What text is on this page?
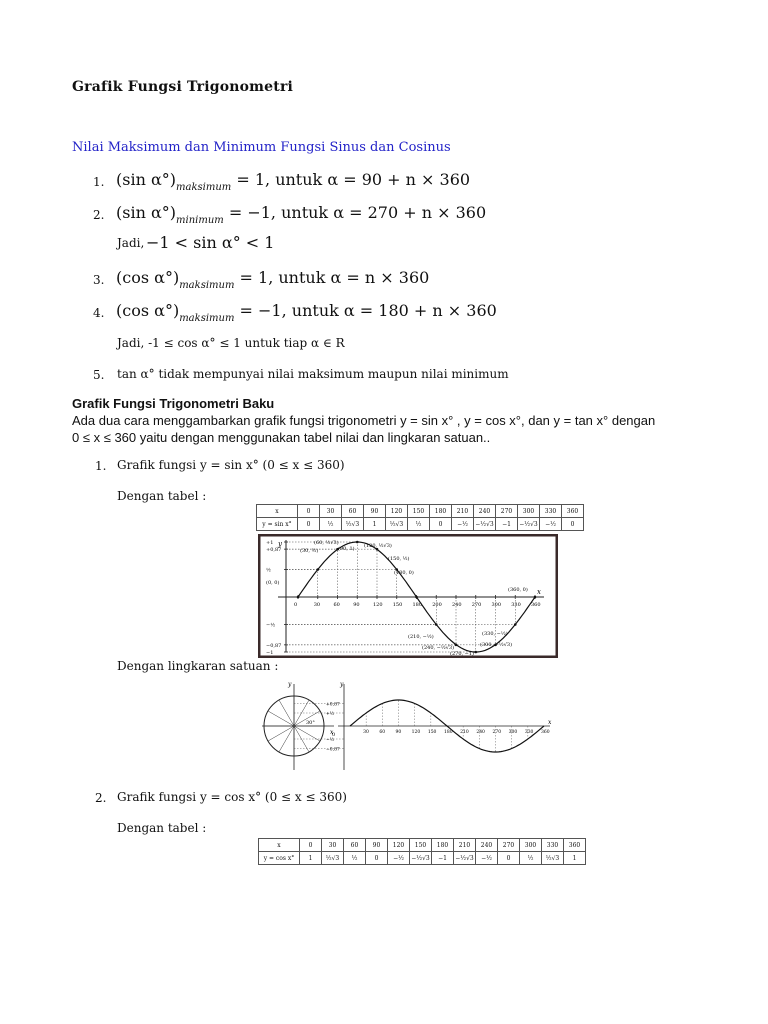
Grafik Fungsi Trigonometri
Nilai Maksimum dan Minimum Fungsi Sinus dan Cosinus
1. (sin $\alpha^\circ)_{maksimum} = 1$, untuk α = 90 + n × 360
2. (sin $\alpha^\circ)_{minimum} = -1$, untuk α = 270 + n × 360
3. (cos $\alpha^\circ)_{maksimum} = 1$, untuk α = n × 360
4. (cos $\alpha^\circ)_{maksimum} = -1$, untuk α = 180 + n × 360
Jadi, −1 < sin α° < 1
Jadi, -1 ≤ cos α° ≤ 1 untuk tiap α ∈ R
5. tan α° tidak mempunyai nilai maksimum maupun nilai minimum
Grafik Fungsi Trigonometri Baku
Ada dua cara menggambarkan grafik fungsi trigonometri y = sin x° , y = cos x°, dan y = tan x° dengan
0 ≤ x ≤ 360 yaitu dengan menggunakan tabel nilai dan lingkaran satuan..
1. Grafik fungsi y = sin x° (0 ≤ x ≤ 360)
Dengan tabel :
x	0	30	60	90	120	150	180	210	240	270	300	330	360
y = sin x°	0	½	½√3	1	½√3	½	0	−½	−½√3	−1	−½√3	−½	0
x
y
+1
+0,87
½
−½
−0,87
−1
0	30	60	90	120 150 180 200 240 270 300 330 360
(30, ½)
(60, ½√3)
(90, 1) (120, ½√3)
(150, ½)
(180, 0)
(0, 0)
(360, 0)
(210, −½)
(240, −½√3)
(270, −1)
(300, −½√3)
(330, −½)
Dengan lingkaran satuan :
y
x
30°
0
y
x
+0,87
+½
−½
−0,87
30 60 90 120 150 180 210 240 270 300 330 360
2. Grafik fungsi y = cos x° (0 ≤ x ≤ 360)
Dengan tabel :
x	0	30	60	90	120	150	180	210	240	270	300	330	360
y = cos x°	1	½√3	½	0	−½	−½√3	−1	−½√3	−½	0	½	½√3	1
